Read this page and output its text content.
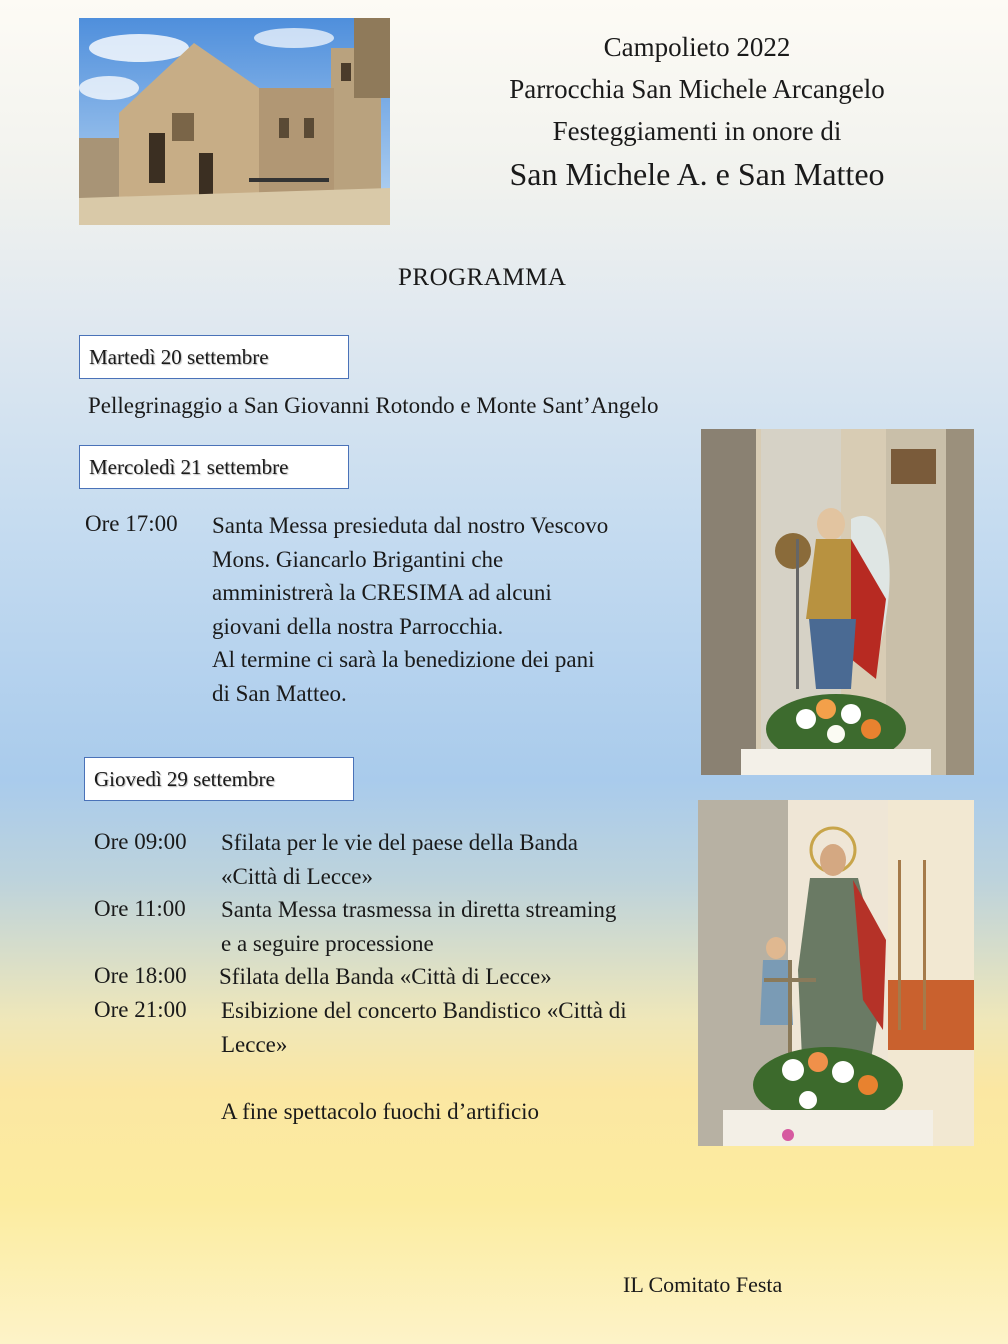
Campolieto 2022
Parrocchia San Michele Arcangelo
Festeggiamenti in onore di
San Michele A. e San Matteo
PROGRAMMA
Martedì 20 settembre
Pellegrinaggio a San Giovanni Rotondo e Monte Sant’Angelo
Mercoledì 21 settembre
Ore 17:00 Santa Messa presieduta dal nostro Vescovo
Mons. Giancarlo Brigantini che
amministrerà la CRESIMA ad alcuni
giovani della nostra Parrocchia.
Al termine ci sarà la benedizione dei pani
di San Matteo.
Giovedì 29 settembre
Ore 09:00 Sfilata per le vie del paese della Banda
«Città di Lecce»
Ore 11:00 Santa Messa trasmessa in diretta streaming
e a seguire processione
Ore 18:00 Sfilata della Banda «Città di Lecce»
Ore 21:00 Esibizione del concerto Bandistico «Città di
Lecce»
A fine spettacolo fuochi d’artificio
IL Comitato Festa
